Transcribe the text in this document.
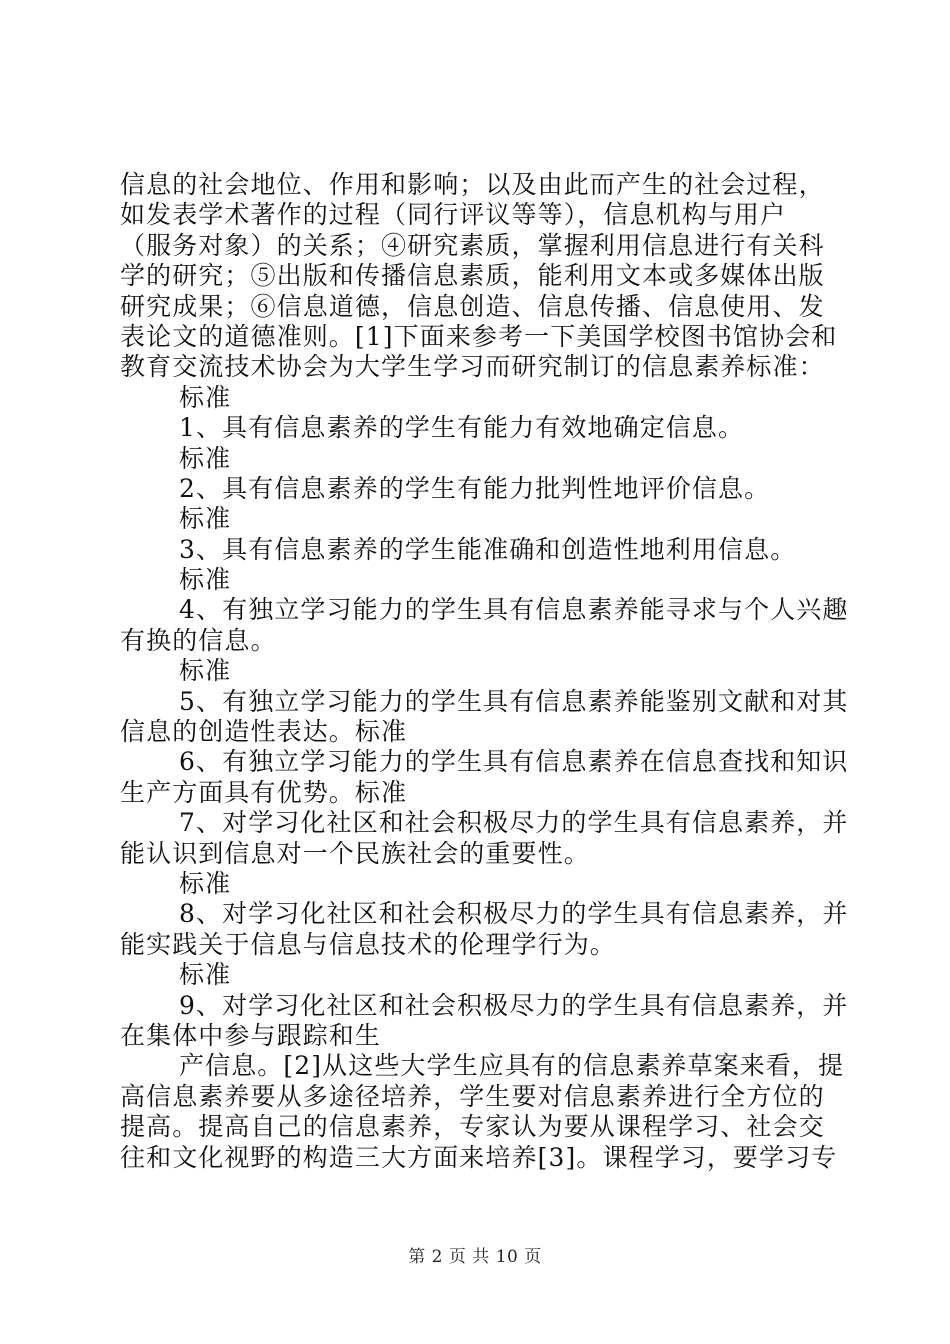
信息的社会地位、作用和影响；以及由此而产生的社会过程，
如发表学术著作的过程（同行评议等等），信息机构与用户
（服务对象）的关系；④研究素质，掌握利用信息进行有关科
学的研究；⑤出版和传播信息素质，能利用文本或多媒体出版
研究成果；⑥信息道德，信息创造、信息传播、信息使用、发
表论文的道德准则。[1]下面来参考一下美国学校图书馆协会和
教育交流技术协会为大学生学习而研究制订的信息素养标准：
标准
1、具有信息素养的学生有能力有效地确定信息。
标准
2、具有信息素养的学生有能力批判性地评价信息。
标准
3、具有信息素养的学生能准确和创造性地利用信息。
标准
4、有独立学习能力的学生具有信息素养能寻求与个人兴趣
有换的信息。
标准
5、有独立学习能力的学生具有信息素养能鉴别文献和对其
信息的创造性表达。标准
6、有独立学习能力的学生具有信息素养在信息查找和知识
生产方面具有优势。标准
7、对学习化社区和社会积极尽力的学生具有信息素养，并
能认识到信息对一个民族社会的重要性。
标准
8、对学习化社区和社会积极尽力的学生具有信息素养，并
能实践关于信息与信息技术的伦理学行为。
标准
9、对学习化社区和社会积极尽力的学生具有信息素养，并
在集体中参与跟踪和生
产信息。[2]从这些大学生应具有的信息素养草案来看，提
高信息素养要从多途径培养，学生要对信息素养进行全方位的
提高。提高自己的信息素养，专家认为要从课程学习、社会交
往和文化视野的构造三大方面来培养[3]。课程学习，要学习专
第 2 页 共 10 页
